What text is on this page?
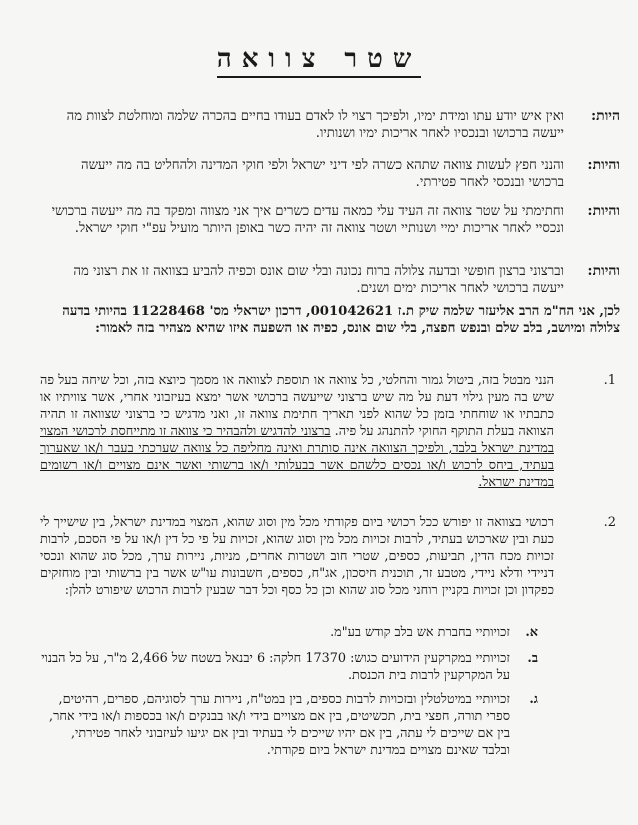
שטר צוואה
היות:
ואין איש יודע עתו ומידת ימיו, ולפיכך רצוי לו לאדם בעודו בחיים בהכרה שלמה ומוחלטת לצוות מה ייעשה ברכושו ובנכסיו לאחר אריכות ימיו ושנותיו.
והיות:
והנני חפץ לעשות צוואה שתהא כשרה לפי דיני ישראל ולפי חוקי המדינה ולהחליט בה מה ייעשה ברכושי ובנכסי לאחר פטירתי.
והיות:
וחתימתי על שטר צוואה זה העיד עלי כמאה עדים כשרים איך אני מצווה ומפקד בה מה ייעשה ברכושי ונכסיי לאחר אריכות ימיי ושנותיי ושטר צוואה זה יהיה כשר באופן היותר מועיל עפ"י חוקי ישראל.
והיות:
וברצוני ברצון חופשי ובדעה צלולה ברוח נכונה ובלי שום אונס וכפיה להביע בצוואה זו את רצוני מה ייעשה ברכושי לאחר אריכות ימים ושנים.
לכן, אני הח"מ הרב אליעזר שלמה שיק ת.ז 001042621, דרכון ישראלי מס' 11228468 בהיותי בדעה צלולה ומיושב, בלב שלם ובנפש חפצה, בלי שום אונס, כפיה או השפעה איזו שהיא מצהיר בזה לאמור:
1.
הנני מבטל בזה, ביטול גמור והחלטי, כל צוואה או תוספת לצוואה או מסמך כיוצא בזה, וכל שיחה בעל פה שיש בה מעין גילוי דעת על מה שיש ברצוני שייעשה ברכושי אשר ימצא בעיזבוני אחרי, אשר צוויתיו או כתבתיו או שוחחתי בזמן כל שהוא לפני תאריך חתימת צוואה זו, ואני מדגיש כי ברצוני שצוואה זו תהיה הצוואה בעלת התוקף החוקי להתנהג על פיה. ברצוני להדגיש ולהבהיר כי צוואה זו מתייחסת לרכושי המצוי במדינת ישראל בלבד, ולפיכך הצוואה אינה סותרת ואינה מחליפה כל צוואה שערכתי בעבר ו/או שאערוך בעתיד, ביחס לרכוש ו/או נכסים כלשהם אשר בבעלותי ו/או ברשותי ואשר אינם מצויים ו/או רשומים במדינת ישראל.
2.
רכושי בצוואה זו יפורש ככל רכושי ביום פקודתי מכל מין וסוג שהוא, המצוי במדינת ישראל, בין שישייך לי כעת ובין שארכוש בעתיד, לרבות זכויות מכל מין וסוג שהוא, זכויות על פי כל דין ו/או על פי הסכם, לרבות זכויות מכח הדין, תביעות, כספים, שטרי חוב ושטרות אחרים, מניות, ניירות ערך, מכל סוג שהוא ונכסי דניידי ודלא ניידי, מטבע זר, תוכנית חיסכון, אג"ח, כספים, חשבונות עו"ש אשר בין ברשותי ובין מוחזקים כפקדון וכן זכויות בקניין רוחני מכל סוג שהוא וכן כל כסף וכל דבר שבעין לרבות הרכוש שיפורט להלן:
א.
זכויותיי בחברת אש בלב קודש בע"מ.
ב.
זכויותיי במקרקעין הידועים כגוש: 17370 חלקה: 6 יבנאל בשטח של 2,466 מ"ר, על כל הבנוי על המקרקעין לרבות בית הכנסת.
ג.
זכויותיי במיטלטלין ובזכויות לרבות כספים, בין במט"ח, ניירות ערך לסוגיהם, ספרים, רהיטים, ספרי תורה, חפצי בית, תכשיטים, בין אם מצויים בידי ו/או בבנקים ו/או בכספות ו/או בידי אחר, בין אם שייכים לי עתה, בין אם יהיו שייכים לי בעתיד ובין אם יגיעו לעיזבוני לאחר פטירתי, ובלבד שאינם מצויים במדינת ישראל ביום פקודתי.
